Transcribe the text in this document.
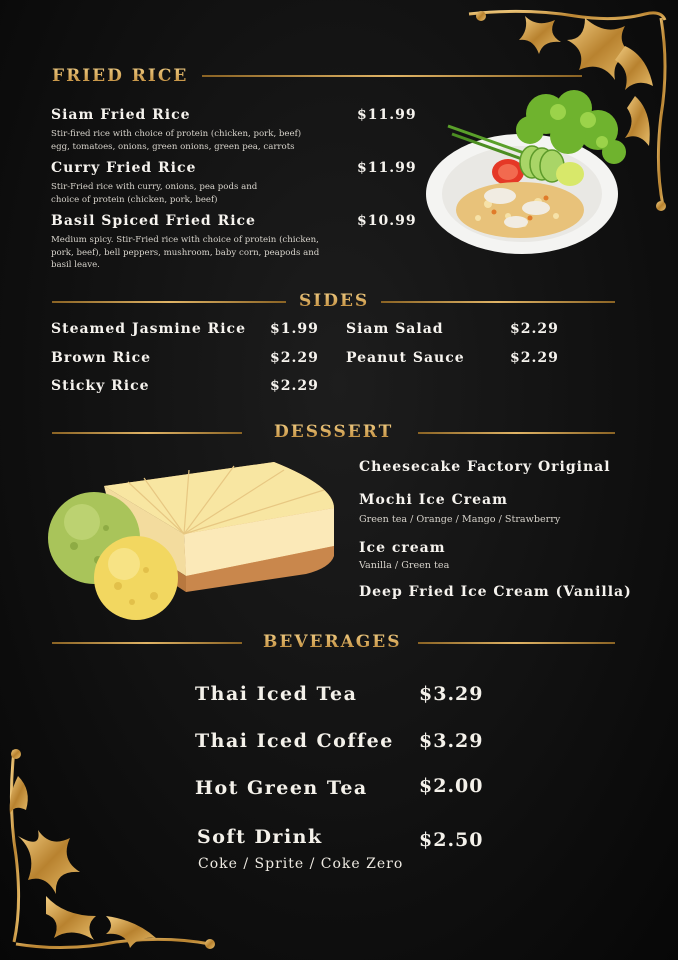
FRIED RICE
Siam Fried Rice	$11.99
Stir-fired rice with choice of protein (chicken, pork, beef) egg, tomatoes, onions, green onions, green pea, carrots
Curry Fried Rice	$11.99
Stir-Fried rice with curry, onions, pea pods and choice of protein (chicken, pork, beef)
Basil Spiced Fried Rice	$10.99
Medium spicy. Stir-Fried rice with choice of protein (chicken, pork, beef), bell peppers, mushroom, baby corn, peapods and basil leave.
SIDES
Steamed Jasmine Rice $1.99
Brown Rice	$2.29
Sticky Rice	$2.29
Siam Salad	$2.29
Peanut Sauce	$2.29
DESSSERT
Cheesecake Factory Original
Mochi Ice Cream
Green tea / Orange / Mango / Strawberry
Ice cream
Vanilla / Green tea
Deep Fried Ice Cream (Vanilla)
BEVERAGES
Thai Iced Tea	$3.29
Thai Iced Coffee $3.29
Hot Green Tea	$2.00
Soft Drink	$2.50
Coke / Sprite / Coke Zero
